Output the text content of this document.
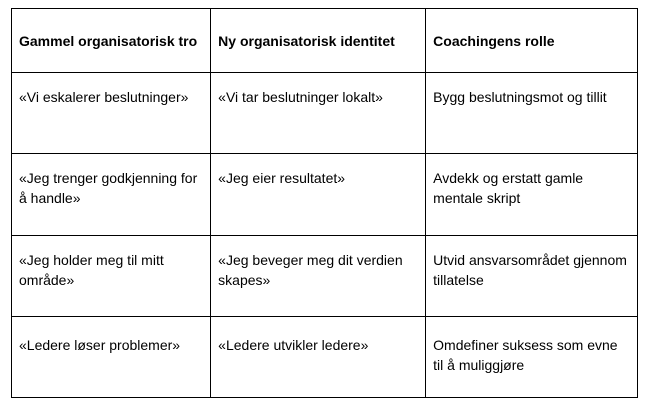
Gammel organisatorisk tro	Ny organisatorisk identitet	Coachingens rolle
«Vi eskalerer beslutninger»	«Vi tar beslutninger lokalt»	Bygg beslutningsmot og tillit
«Jeg trenger godkjenning for å handle»	«Jeg eier resultatet»	Avdekk og erstatt gamle mentale skript
«Jeg holder meg til mitt område»	«Jeg beveger meg dit verdien skapes»	Utvid ansvarsområdet gjennom tillatelse
«Ledere løser problemer»	«Ledere utvikler ledere»	Omdefiner suksess som evne til å muliggjøre
